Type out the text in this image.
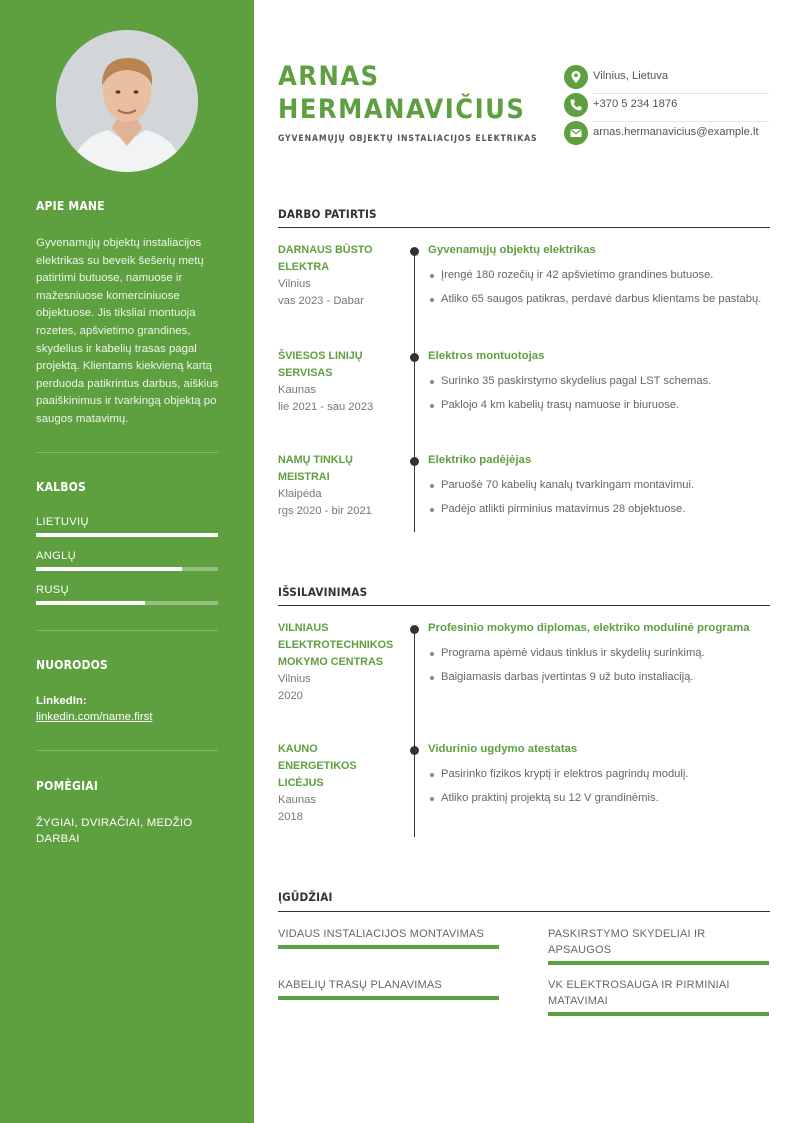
APIE MANE
Gyvenamųjų objektų instaliacijos elektrikas su beveik šešerių metų patirtimi butuose, namuose ir mažesniuose komerciniuose objektuose. Jis tiksliai montuoja rozetes, apšvietimo grandines, skydelius ir kabelių trasas pagal projektą. Klientams kiekvieną kartą perduoda patikrintus darbus, aiškius paaiškinimus ir tvarkingą objektą po saugos matavimų.
KALBOS
LIETUVIŲ
ANGLŲ
RUSŲ
NUORODOS
LinkedIn:
linkedin.com/name.first
POMĖGIAI
ŽYGIAI, DVIRAČIAI, MEDŽIO DARBAI
ARNAS
HERMANAVIČIUS
GYVENAMŲJŲ OBJEKTŲ INSTALIACIJOS ELEKTRIKAS
Vilnius, Lietuva
+370 5 234 1876
arnas.hermanavicius@example.lt
DARBO PATIRTIS
DARNAUS BŪSTO
ELEKTRA
Vilnius
vas 2023 - Dabar
Gyvenamųjų objektų elektrikas
Įrengė 180 rozečių ir 42 apšvietimo grandines butuose.
Atliko 65 saugos patikras, perdavė darbus klientams be pastabų.
ŠVIESOS LINIJŲ
SERVISAS
Kaunas
lie 2021 - sau 2023
Elektros montuotojas
Surinko 35 paskirstymo skydelius pagal LST schemas.
Paklojo 4 km kabelių trasų namuose ir biuruose.
NAMŲ TINKLŲ
MEISTRAI
Klaipėda
rgs 2020 - bir 2021
Elektriko padėjėjas
Paruošė 70 kabelių kanalų tvarkingam montavimui.
Padėjo atlikti pirminius matavimus 28 objektuose.
IŠSILAVINIMAS
VILNIAUS
ELEKTROTECHNIKOS
MOKYMO CENTRAS
Vilnius
2020
Profesinio mokymo diplomas, elektriko modulinė programa
Programa apėmė vidaus tinklus ir skydelių surinkimą.
Baigiamasis darbas įvertintas 9 už buto instaliaciją.
KAUNO
ENERGETIKOS
LICĖJUS
Kaunas
2018
Vidurinio ugdymo atestatas
Pasirinko fizikos kryptį ir elektros pagrindų modulį.
Atliko praktinį projektą su 12 V grandinėmis.
ĮGŪDŽIAI
VIDAUS INSTALIACIJOS MONTAVIMAS	PASKIRSTYMO SKYDELIAI IR
APSAUGOS
KABELIŲ TRASŲ PLANAVIMAS	VK ELEKTROSAUGA IR PIRMINIAI
MATAVIMAI
